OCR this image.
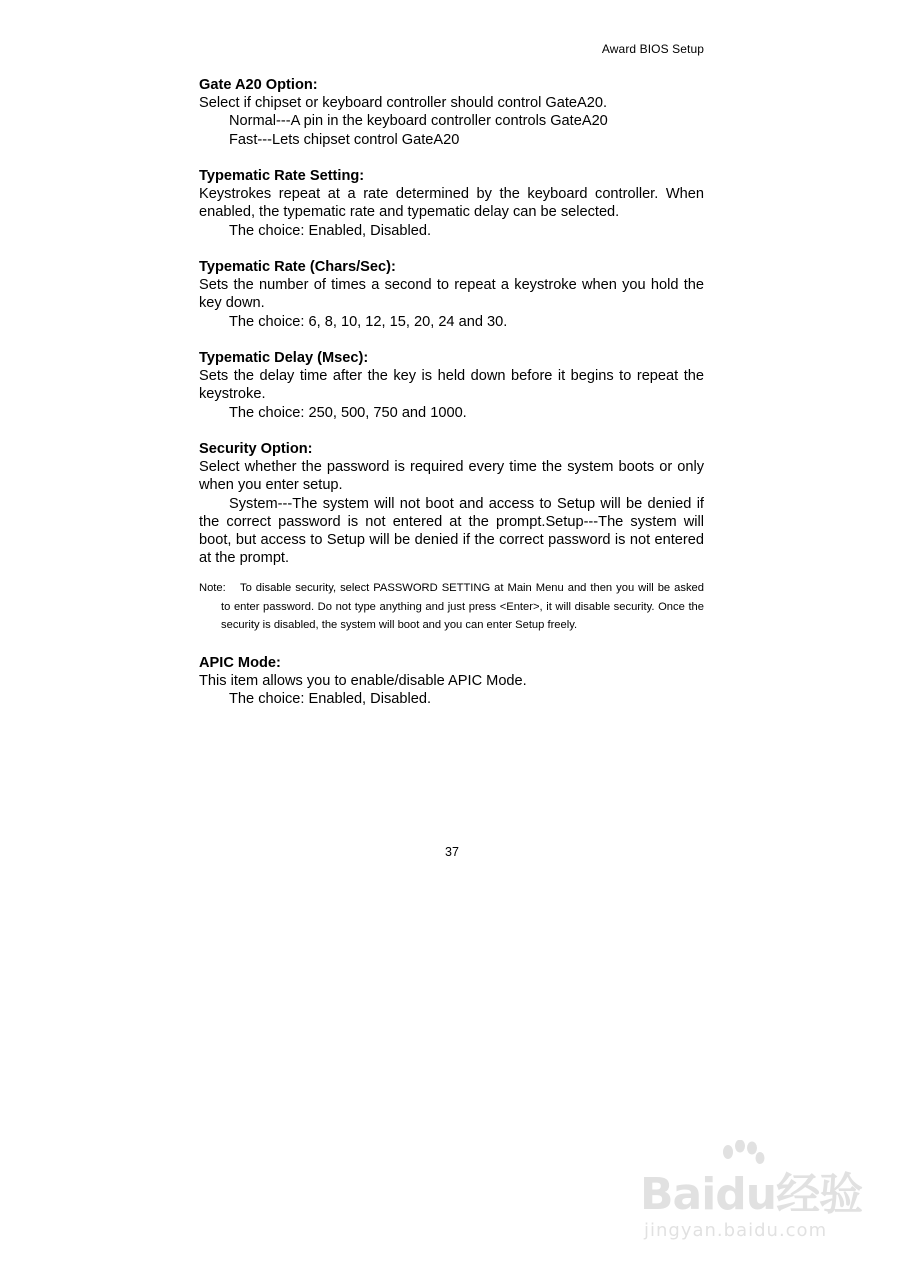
Award BIOS Setup

Gate A20 Option:

Select if chipset or keyboard controller should control GateA20.

Normal---A pin in the keyboard controller controls GateA20

Fast---Lets chipset control GateA20

Typematic Rate Setting:

Keystrokes repeat at a rate determined by the keyboard controller. When enabled, the typematic rate and typematic delay can be selected.

The choice: Enabled, Disabled.

Typematic Rate (Chars/Sec):

Sets the number of times a second to repeat a keystroke when you hold the key down.

The choice: 6, 8, 10, 12, 15, 20, 24 and 30.

Typematic Delay (Msec):

Sets the delay time after the key is held down before it begins to repeat the keystroke.

The choice: 250, 500, 750 and 1000.

Security Option:

Select whether the password is required every time the system boots or only when you enter setup.

System---The system will not boot and access to Setup will be denied if the correct password is not entered at the prompt.Setup---The system will boot, but access to Setup will be denied if the correct password is not entered at the prompt.

Note: To disable security, select PASSWORD SETTING at Main Menu and then you will be asked to enter password. Do not type anything and just press <Enter>, it will disable security. Once the security is disabled, the system will boot and you can enter Setup freely.

APIC Mode:

This item allows you to enable/disable APIC Mode.

The choice: Enabled, Disabled.

37
Baidu经验
jingyan.baidu.com
